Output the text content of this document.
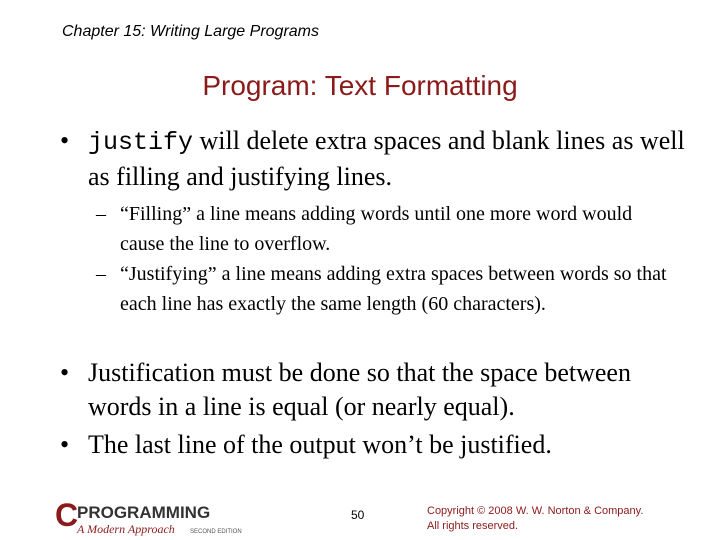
Chapter 15: Writing Large Programs
Program: Text Formatting
• justify will delete extra spaces and blank lines as well as filling and justifying lines.
– “Filling” a line means adding words until one more word would cause the line to overflow.
– “Justifying” a line means adding extra spaces between words so that each line has exactly the same length (60 characters).
• Justification must be done so that the space between words in a line is equal (or nearly equal).
• The last line of the output won’t be justified.
C
PROGRAMMING
A Modern Approach	SECOND EDITION
50	Copyright © 2008 W. W. Norton & Company.
All rights reserved.
